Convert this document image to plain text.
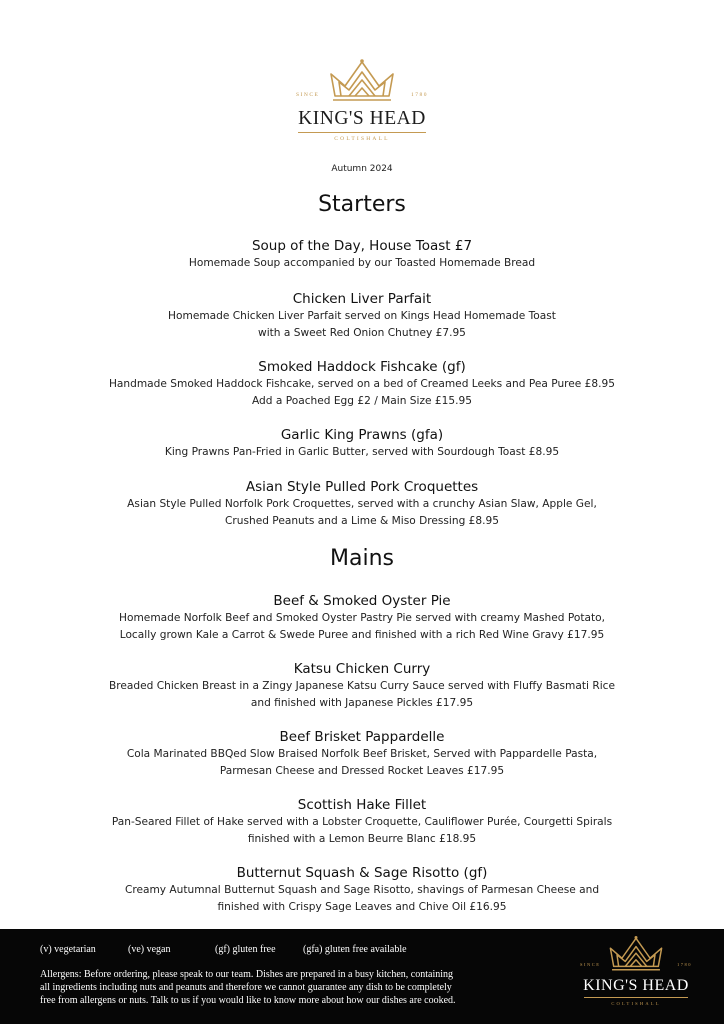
SINCE	1780
KING'S HEAD
COLTISHALL
Autumn 2024
Starters
Soup of the Day, House Toast £7
Homemade Soup accompanied by our Toasted Homemade Bread
Chicken Liver Parfait
Homemade Chicken Liver Parfait served on Kings Head Homemade Toast
with a Sweet Red Onion Chutney £7.95
Smoked Haddock Fishcake (gf)
Handmade Smoked Haddock Fishcake, served on a bed of Creamed Leeks and Pea Puree £8.95
Add a Poached Egg £2 / Main Size £15.95
Garlic King Prawns (gfa)
King Prawns Pan-Fried in Garlic Butter, served with Sourdough Toast £8.95
Asian Style Pulled Pork Croquettes
Asian Style Pulled Norfolk Pork Croquettes, served with a crunchy Asian Slaw, Apple Gel,
Crushed Peanuts and a Lime & Miso Dressing £8.95
Mains
Beef & Smoked Oyster Pie
Homemade Norfolk Beef and Smoked Oyster Pastry Pie served with creamy Mashed Potato,
Locally grown Kale a Carrot & Swede Puree and finished with a rich Red Wine Gravy £17.95
Katsu Chicken Curry
Breaded Chicken Breast in a Zingy Japanese Katsu Curry Sauce served with Fluffy Basmati Rice
and finished with Japanese Pickles £17.95
Beef Brisket Pappardelle
Cola Marinated BBQed Slow Braised Norfolk Beef Brisket, Served with Pappardelle Pasta,
Parmesan Cheese and Dressed Rocket Leaves £17.95
Scottish Hake Fillet
Pan-Seared Fillet of Hake served with a Lobster Croquette, Cauliflower Purée, Courgetti Spirals
finished with a Lemon Beurre Blanc £18.95
Butternut Squash & Sage Risotto (gf)
Creamy Autumnal Butternut Squash and Sage Risotto, shavings of Parmesan Cheese and
finished with Crispy Sage Leaves and Chive Oil £16.95
(v) vegetarian	(ve) vegan	(gf) gluten free	(gfa) gluten free available
Allergens: Before ordering, please speak to our team. Dishes are prepared in a busy kitchen, containing
all ingredients including nuts and peanuts and therefore we cannot guarantee any dish to be completely
free from allergens or nuts. Talk to us if you would like to know more about how our dishes are cooked.
SINCE	1780
KING'S HEAD
COLTISHALL
